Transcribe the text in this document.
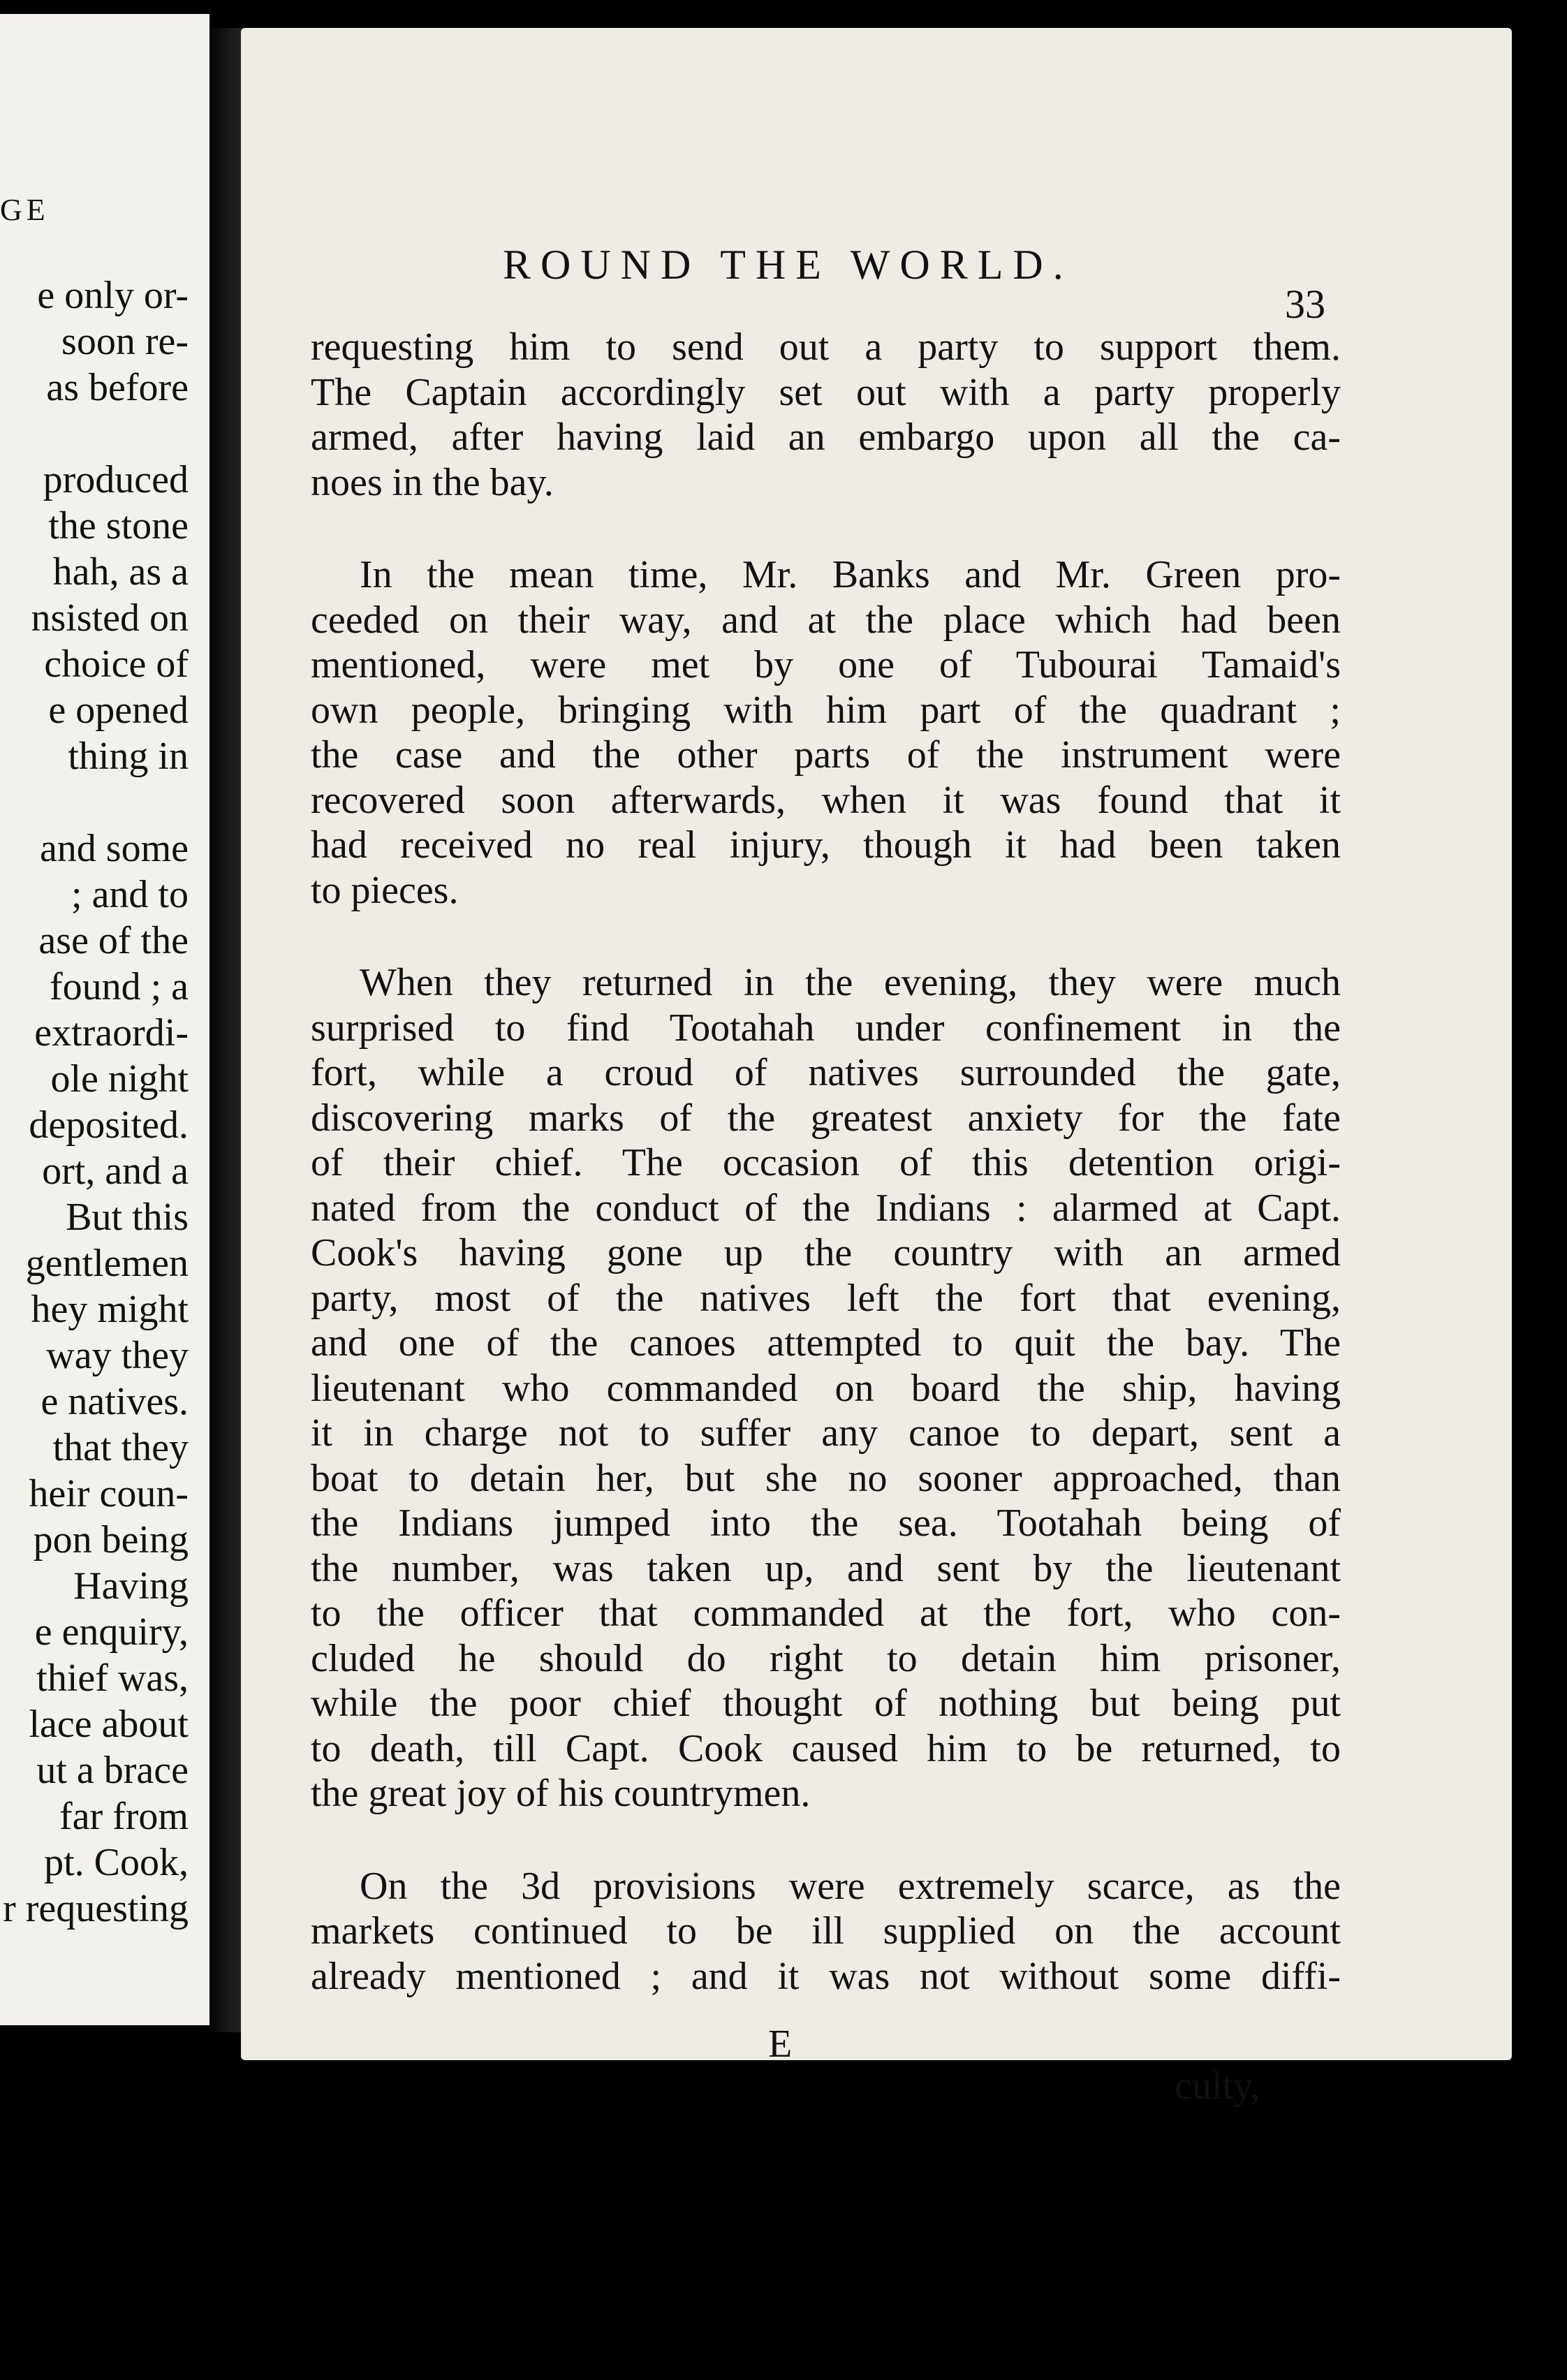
GE
e only or-
soon re-
as before
produced
the stone
hah, as a
nsisted on
choice of
e opened
thing in
and some
; and to
ase of the
found ; a
extraordi-
ole night
deposited.
ort, and a
But this
gentlemen
hey might
way they
e natives.
that they
heir coun-
pon being
Having
e enquiry,
thief was,
lace about
ut a brace
far from
pt. Cook,
r requesting
ROUND THE WORLD.
33
requesting him to send out a party to support them.
The Captain accordingly set out with a party properly
armed, after having laid an embargo upon all the ca-
noes in the bay.
In the mean time, Mr. Banks and Mr. Green pro-
ceeded on their way, and at the place which had been
mentioned, were met by one of Tubourai Tamaid's
own people, bringing with him part of the quadrant ;
the case and the other parts of the instrument were
recovered soon afterwards, when it was found that it
had received no real injury, though it had been taken
to pieces.
When they returned in the evening, they were much
surprised to find Tootahah under confinement in the
fort, while a croud of natives surrounded the gate,
discovering marks of the greatest anxiety for the fate
of their chief. The occasion of this detention origi-
nated from the conduct of the Indians : alarmed at Capt.
Cook's having gone up the country with an armed
party, most of the natives left the fort that evening,
and one of the canoes attempted to quit the bay. The
lieutenant who commanded on board the ship, having
it in charge not to suffer any canoe to depart, sent a
boat to detain her, but she no sooner approached, than
the Indians jumped into the sea. Tootahah being of
the number, was taken up, and sent by the lieutenant
to the officer that commanded at the fort, who con-
cluded he should do right to detain him prisoner,
while the poor chief thought of nothing but being put
to death, till Capt. Cook caused him to be returned, to
the great joy of his countrymen.
On the 3d provisions were extremely scarce, as the
markets continued to be ill supplied on the account
already mentioned ; and it was not without some diffi-
E
culty,
